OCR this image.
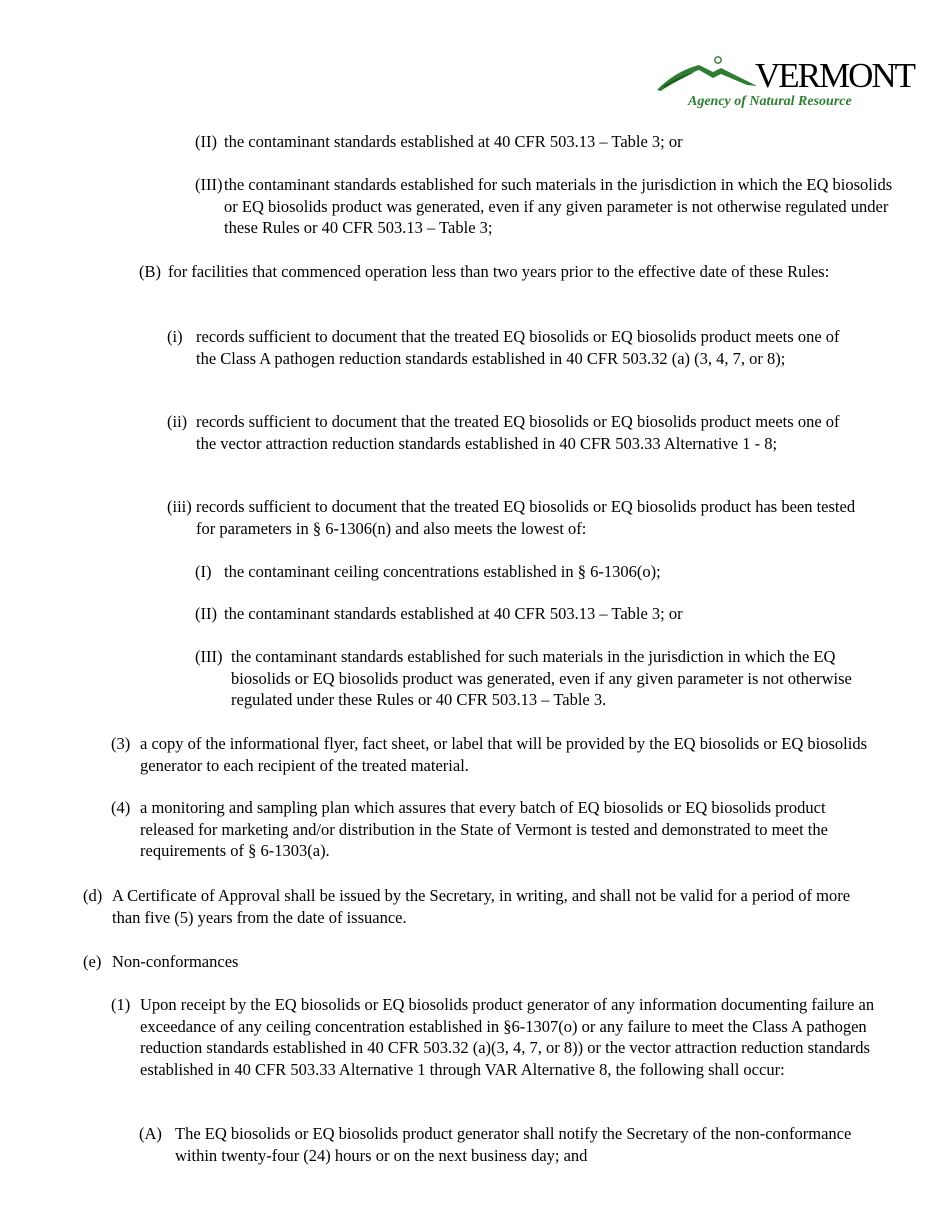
VERMONT
Agency of Natural Resource
(II) the contaminant standards established at 40 CFR 503.13 – Table 3; or
(III) the contaminant standards established for such materials in the jurisdiction in which the EQ biosolids or EQ biosolids product was generated, even if any given parameter is not otherwise regulated under these Rules or 40 CFR 503.13 – Table 3;
(B) for facilities that commenced operation less than two years prior to the effective date of these Rules:
(i) records sufficient to document that the treated EQ biosolids or EQ biosolids product meets one of the Class A pathogen reduction standards established in 40 CFR 503.32 (a) (3, 4, 7, or 8);
(ii) records sufficient to document that the treated EQ biosolids or EQ biosolids product meets one of the vector attraction reduction standards established in 40 CFR 503.33 Alternative 1 - 8;
(iii) records sufficient to document that the treated EQ biosolids or EQ biosolids product has been tested for parameters in § 6-1306(n) and also meets the lowest of:
(I) the contaminant ceiling concentrations established in § 6-1306(o);
(II) the contaminant standards established at 40 CFR 503.13 – Table 3; or
(III) the contaminant standards established for such materials in the jurisdiction in which the EQ biosolids or EQ biosolids product was generated, even if any given parameter is not otherwise regulated under these Rules or 40 CFR 503.13 – Table 3.
(3) a copy of the informational flyer, fact sheet, or label that will be provided by the EQ biosolids or EQ biosolids generator to each recipient of the treated material.
(4) a monitoring and sampling plan which assures that every batch of EQ biosolids or EQ biosolids product released for marketing and/or distribution in the State of Vermont is tested and demonstrated to meet the requirements of § 6-1303(a).
(d) A Certificate of Approval shall be issued by the Secretary, in writing, and shall not be valid for a period of more than five (5) years from the date of issuance.
(e) Non-conformances
(1) Upon receipt by the EQ biosolids or EQ biosolids product generator of any information documenting failure an exceedance of any ceiling concentration established in §6-1307(o) or any failure to meet the Class A pathogen reduction standards established in 40 CFR 503.32 (a)(3, 4, 7, or 8)) or the vector attraction reduction standards established in 40 CFR 503.33 Alternative 1 through VAR Alternative 8, the following shall occur:
(A) The EQ biosolids or EQ biosolids product generator shall notify the Secretary of the non-conformance within twenty-four (24) hours or on the next business day; and
